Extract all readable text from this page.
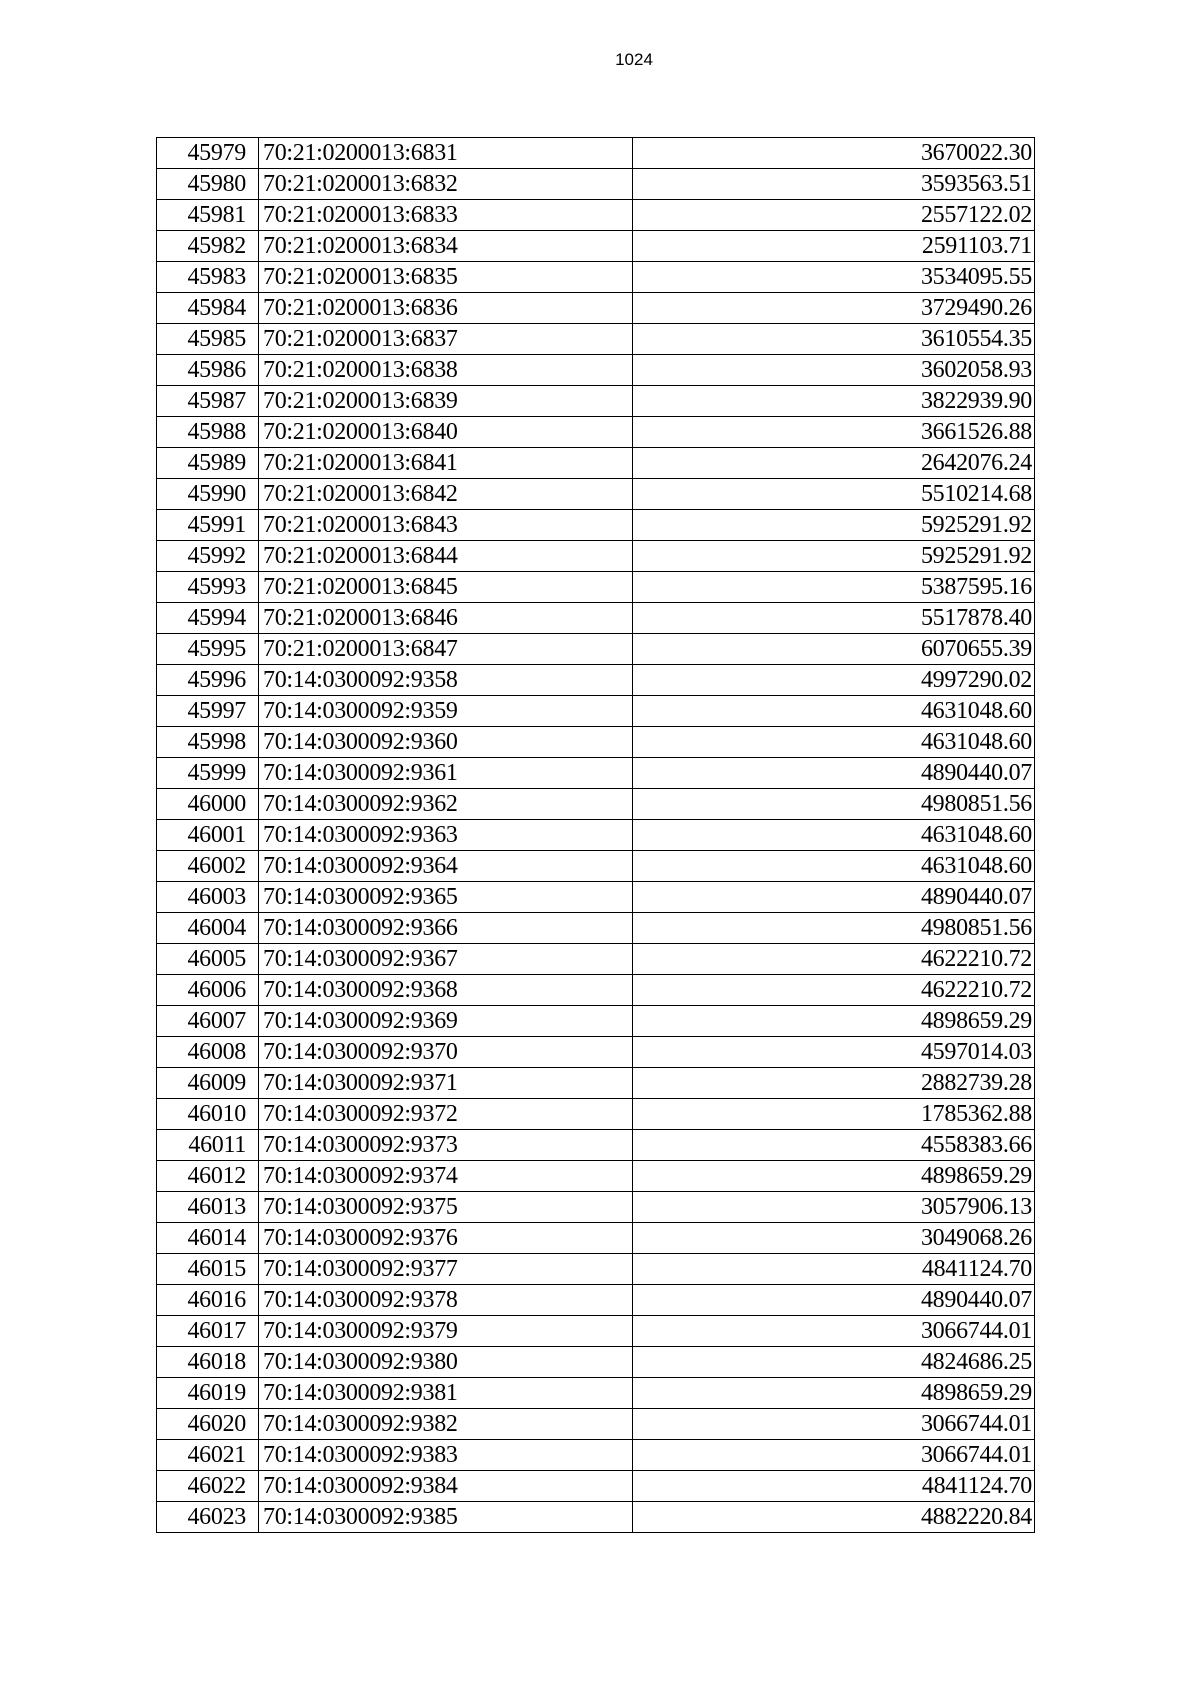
1024
45979	70:21:0200013:6831	3670022.30
45980	70:21:0200013:6832	3593563.51
45981	70:21:0200013:6833	2557122.02
45982	70:21:0200013:6834	2591103.71
45983	70:21:0200013:6835	3534095.55
45984	70:21:0200013:6836	3729490.26
45985	70:21:0200013:6837	3610554.35
45986	70:21:0200013:6838	3602058.93
45987	70:21:0200013:6839	3822939.90
45988	70:21:0200013:6840	3661526.88
45989	70:21:0200013:6841	2642076.24
45990	70:21:0200013:6842	5510214.68
45991	70:21:0200013:6843	5925291.92
45992	70:21:0200013:6844	5925291.92
45993	70:21:0200013:6845	5387595.16
45994	70:21:0200013:6846	5517878.40
45995	70:21:0200013:6847	6070655.39
45996	70:14:0300092:9358	4997290.02
45997	70:14:0300092:9359	4631048.60
45998	70:14:0300092:9360	4631048.60
45999	70:14:0300092:9361	4890440.07
46000	70:14:0300092:9362	4980851.56
46001	70:14:0300092:9363	4631048.60
46002	70:14:0300092:9364	4631048.60
46003	70:14:0300092:9365	4890440.07
46004	70:14:0300092:9366	4980851.56
46005	70:14:0300092:9367	4622210.72
46006	70:14:0300092:9368	4622210.72
46007	70:14:0300092:9369	4898659.29
46008	70:14:0300092:9370	4597014.03
46009	70:14:0300092:9371	2882739.28
46010	70:14:0300092:9372	1785362.88
46011	70:14:0300092:9373	4558383.66
46012	70:14:0300092:9374	4898659.29
46013	70:14:0300092:9375	3057906.13
46014	70:14:0300092:9376	3049068.26
46015	70:14:0300092:9377	4841124.70
46016	70:14:0300092:9378	4890440.07
46017	70:14:0300092:9379	3066744.01
46018	70:14:0300092:9380	4824686.25
46019	70:14:0300092:9381	4898659.29
46020	70:14:0300092:9382	3066744.01
46021	70:14:0300092:9383	3066744.01
46022	70:14:0300092:9384	4841124.70
46023	70:14:0300092:9385	4882220.84
